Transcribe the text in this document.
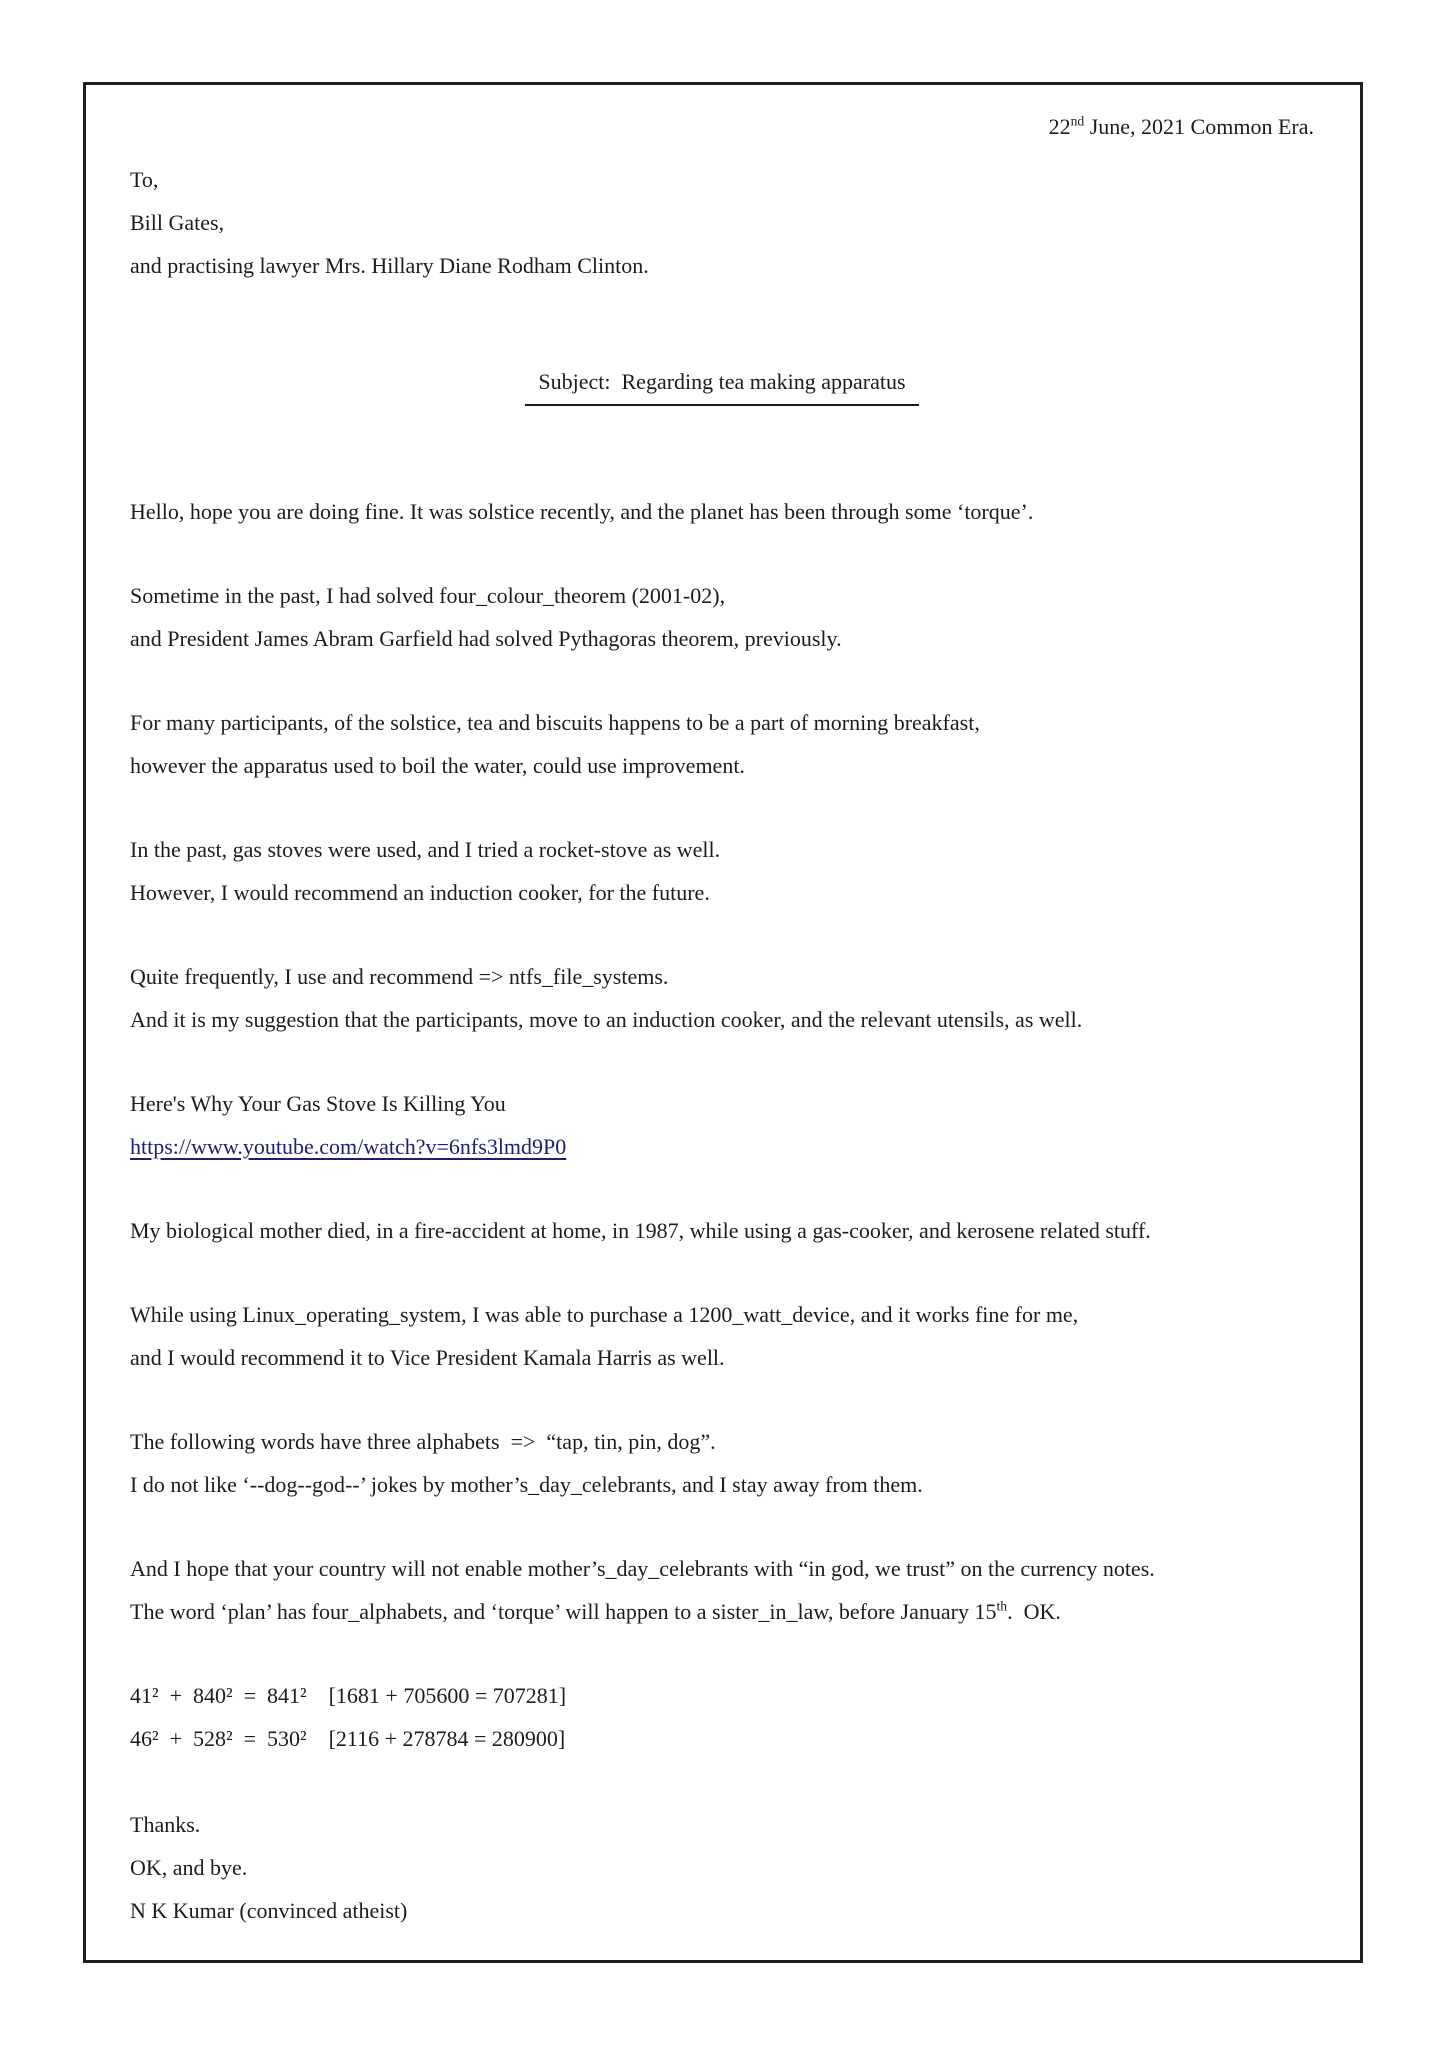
22nd June, 2021 Common Era.
To,
Bill Gates,
and practising lawyer Mrs. Hillary Diane Rodham Clinton.
Subject:  Regarding tea making apparatus
Hello, hope you are doing fine. It was solstice recently, and the planet has been through some ‘torque’.
Sometime in the past, I had solved four_colour_theorem (2001-02),
and President James Abram Garfield had solved Pythagoras theorem, previously.
For many participants, of the solstice, tea and biscuits happens to be a part of morning breakfast,
however the apparatus used to boil the water, could use improvement.
In the past, gas stoves were used, and I tried a rocket-stove as well.
However, I would recommend an induction cooker, for the future.
Quite frequently, I use and recommend => ntfs_file_systems.
And it is my suggestion that the participants, move to an induction cooker, and the relevant utensils, as well.
Here's Why Your Gas Stove Is Killing You
https://www.youtube.com/watch?v=6nfs3lmd9P0
My biological mother died, in a fire-accident at home, in 1987, while using a gas-cooker, and kerosene related stuff.
While using Linux_operating_system, I was able to purchase a 1200_watt_device, and it works fine for me,
and I would recommend it to Vice President Kamala Harris as well.
The following words have three alphabets  =>  “tap, tin, pin, dog”.
I do not like ‘--dog--god--’ jokes by mother’s_day_celebrants, and I stay away from them.
And I hope that your country will not enable mother’s_day_celebrants with “in god, we trust” on the currency notes.
The word ‘plan’ has four_alphabets, and ‘torque’ will happen to a sister_in_law, before January 15th.  OK.
41²  +  840²  =  841²    [1681 + 705600 = 707281]
46²  +  528²  =  530²    [2116 + 278784 = 280900]
Thanks.
OK, and bye.
N K Kumar (convinced atheist)
